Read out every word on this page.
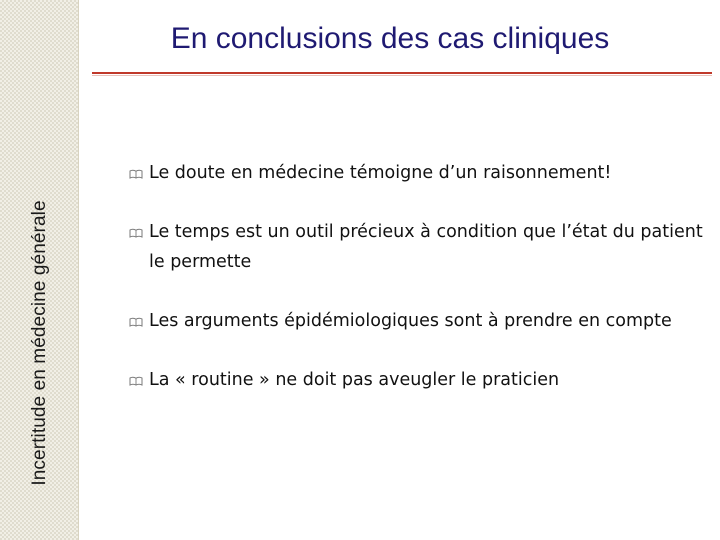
Incertitude en médecine générale
En conclusions des cas cliniques
Le doute en médecine témoigne d’un raisonnement!
Le temps est un outil précieux à condition que l’état du patient le permette
Les arguments épidémiologiques sont à prendre en compte
La « routine » ne doit pas aveugler le praticien
